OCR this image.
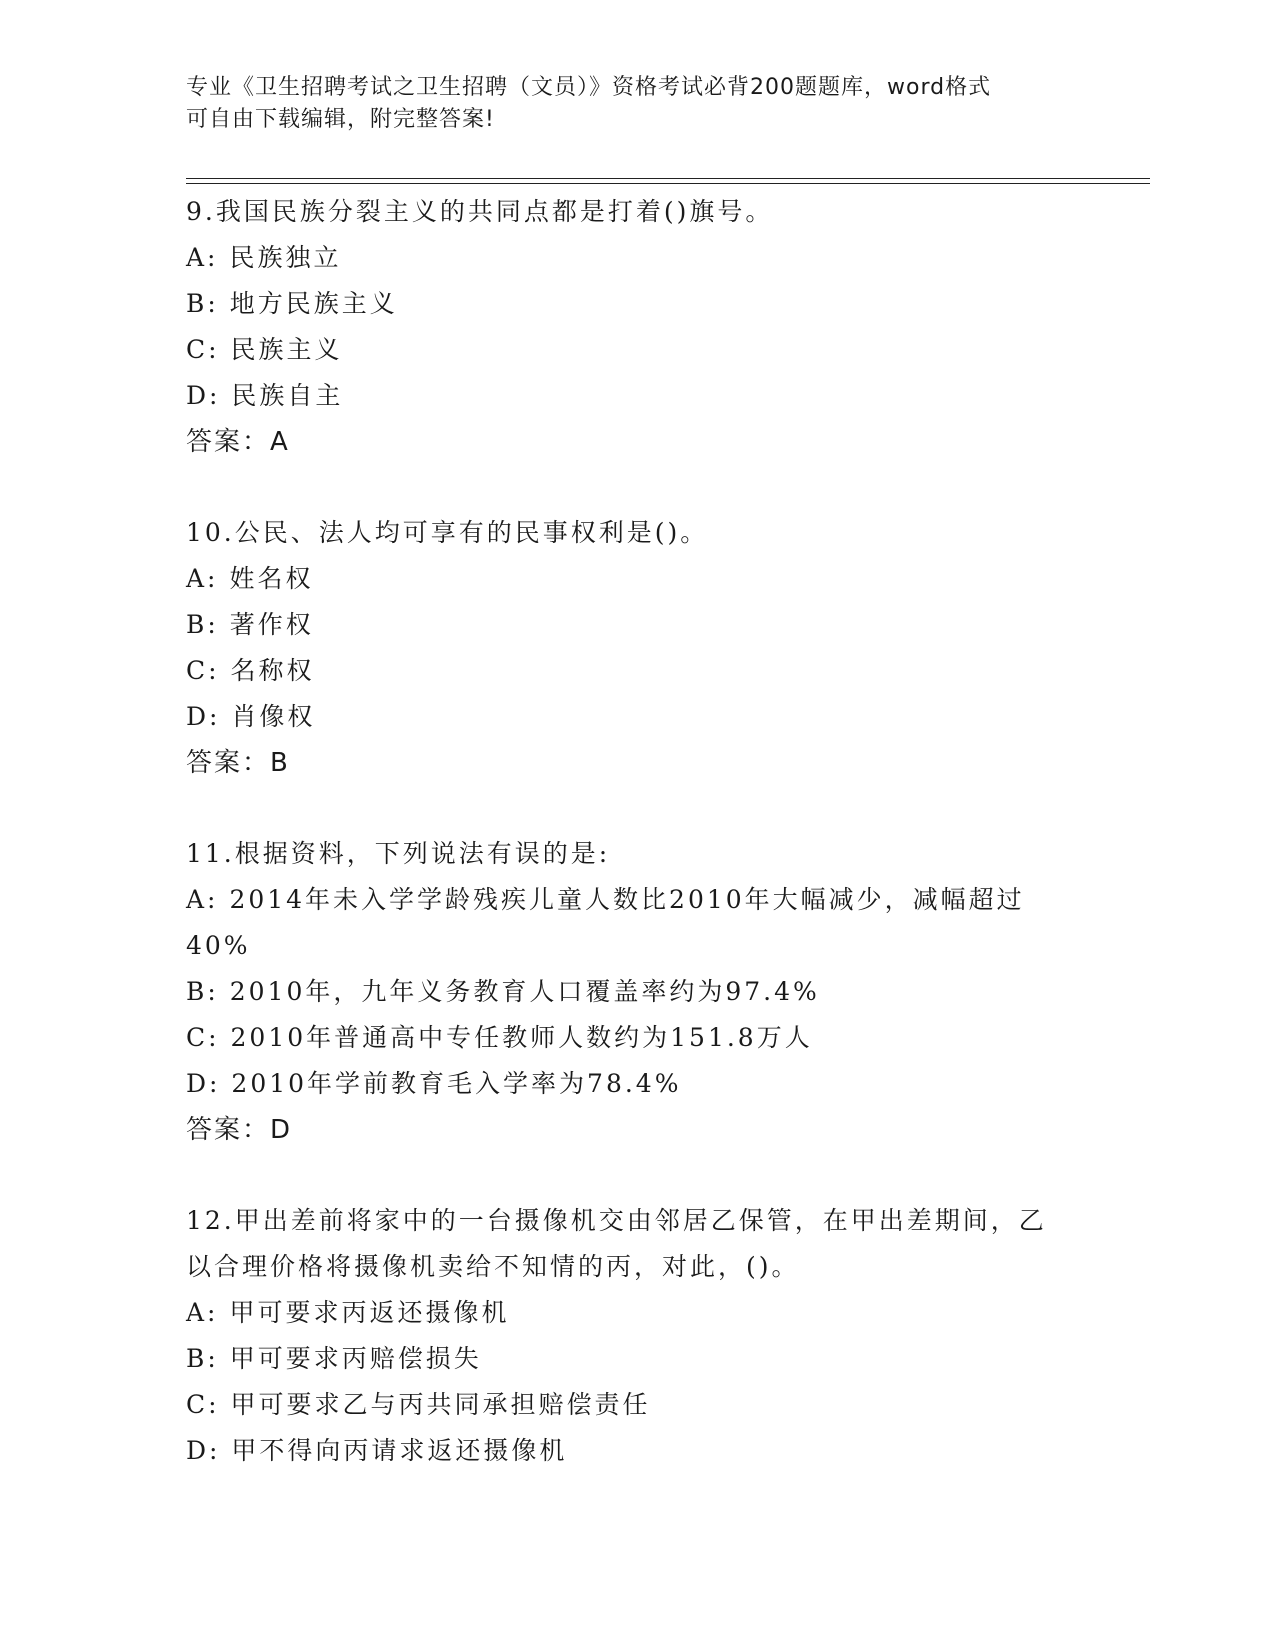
专业《卫生招聘考试之卫生招聘（文员）》资格考试必背200题题库，word格式
可自由下载编辑，附完整答案!
9.我国民族分裂主义的共同点都是打着()旗号。
A: 民族独立
B: 地方民族主义
C: 民族主义
D: 民族自主
答案：A
10.公民、法人均可享有的民事权利是()。
A: 姓名权
B: 著作权
C: 名称权
D: 肖像权
答案：B
11.根据资料，下列说法有误的是:
A: 2014年未入学学龄残疾儿童人数比2010年大幅减少，减幅超过
40%
B: 2010年，九年义务教育人口覆盖率约为97.4%
C: 2010年普通高中专任教师人数约为151.8万人
D: 2010年学前教育毛入学率为78.4%
答案：D
12.甲出差前将家中的一台摄像机交由邻居乙保管，在甲出差期间，乙
以合理价格将摄像机卖给不知情的丙，对此，()。
A: 甲可要求丙返还摄像机
B: 甲可要求丙赔偿损失
C: 甲可要求乙与丙共同承担赔偿责任
D: 甲不得向丙请求返还摄像机
